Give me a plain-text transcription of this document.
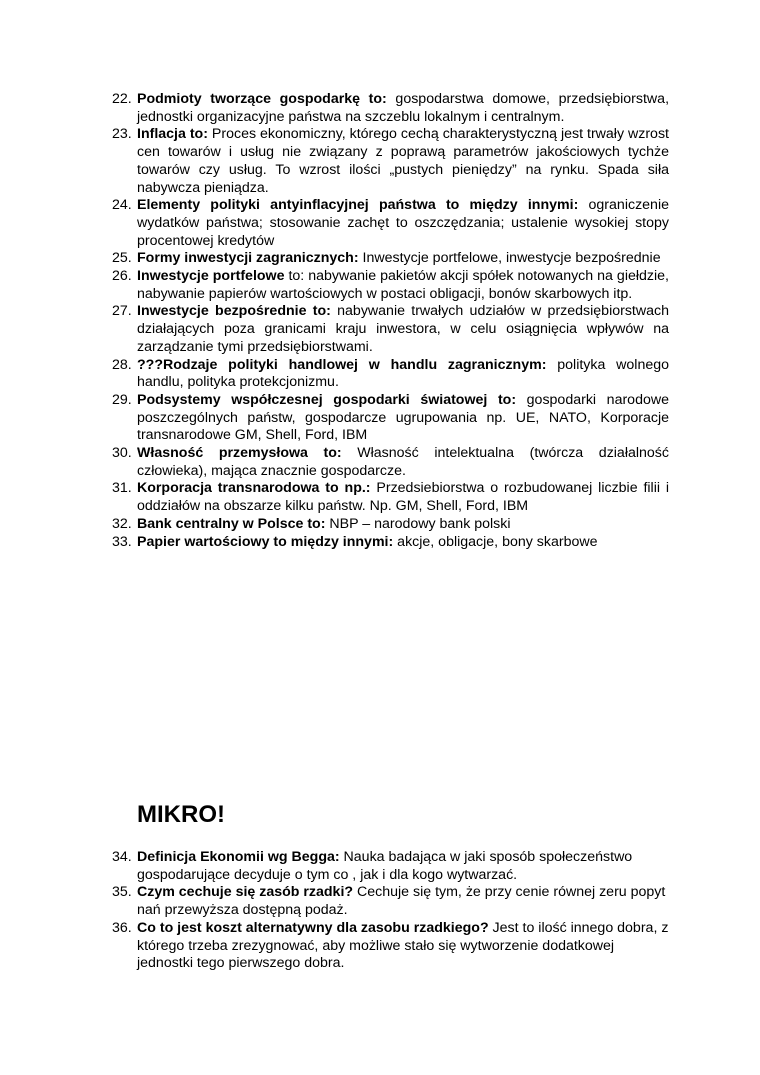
22. Podmioty tworzące gospodarkę to: gospodarstwa domowe, przedsiębiorstwa, jednostki organizacyjne państwa na szczeblu lokalnym i centralnym.
23. Inflacja to: Proces ekonomiczny, którego cechą charakterystyczną jest trwały wzrost cen towarów i usług nie związany z poprawą parametrów jakościowych tychże towarów czy usług. To wzrost ilości „pustych pieniędzy” na rynku. Spada siła nabywcza pieniądza.
24. Elementy polityki antyinflacyjnej państwa to między innymi: ograniczenie wydatków państwa; stosowanie zachęt to oszczędzania; ustalenie wysokiej stopy procentowej kredytów
25. Formy inwestycji zagranicznych: Inwestycje portfelowe, inwestycje bezpośrednie
26. Inwestycje portfelowe to: nabywanie pakietów akcji spółek notowanych na giełdzie, nabywanie papierów wartościowych w postaci obligacji, bonów skarbowych itp.
27. Inwestycje bezpośrednie to: nabywanie trwałych udziałów w przedsiębiorstwach działających poza granicami kraju inwestora, w celu osiągnięcia wpływów na zarządzanie tymi przedsiębiorstwami.
28. ???Rodzaje polityki handlowej w handlu zagranicznym: polityka wolnego handlu, polityka protekcjonizmu.
29. Podsystemy współczesnej gospodarki światowej to: gospodarki narodowe poszczególnych państw, gospodarcze ugrupowania np. UE, NATO, Korporacje transnarodowe GM, Shell, Ford, IBM
30. Własność przemysłowa to: Własność intelektualna (twórcza działalność człowieka), mająca znacznie gospodarcze.
31. Korporacja transnarodowa to np.: Przedsiebiorstwa o rozbudowanej liczbie filii i oddziałów na obszarze kilku państw. Np. GM, Shell, Ford, IBM
32. Bank centralny w Polsce to: NBP – narodowy bank polski
33. Papier wartościowy to między innymi: akcje, obligacje, bony skarbowe
MIKRO!
34. Definicja Ekonomii wg Begga: Nauka badająca w jaki sposób społeczeństwo gospodarujące decyduje o tym co , jak i dla kogo wytwarzać.
35. Czym cechuje się zasób rzadki? Cechuje się tym, że przy cenie równej zeru popyt nań przewyższa dostępną podaż.
36. Co to jest koszt alternatywny dla zasobu rzadkiego? Jest to ilość innego dobra, z którego trzeba zrezygnować, aby możliwe stało się wytworzenie dodatkowej jednostki tego pierwszego dobra.
